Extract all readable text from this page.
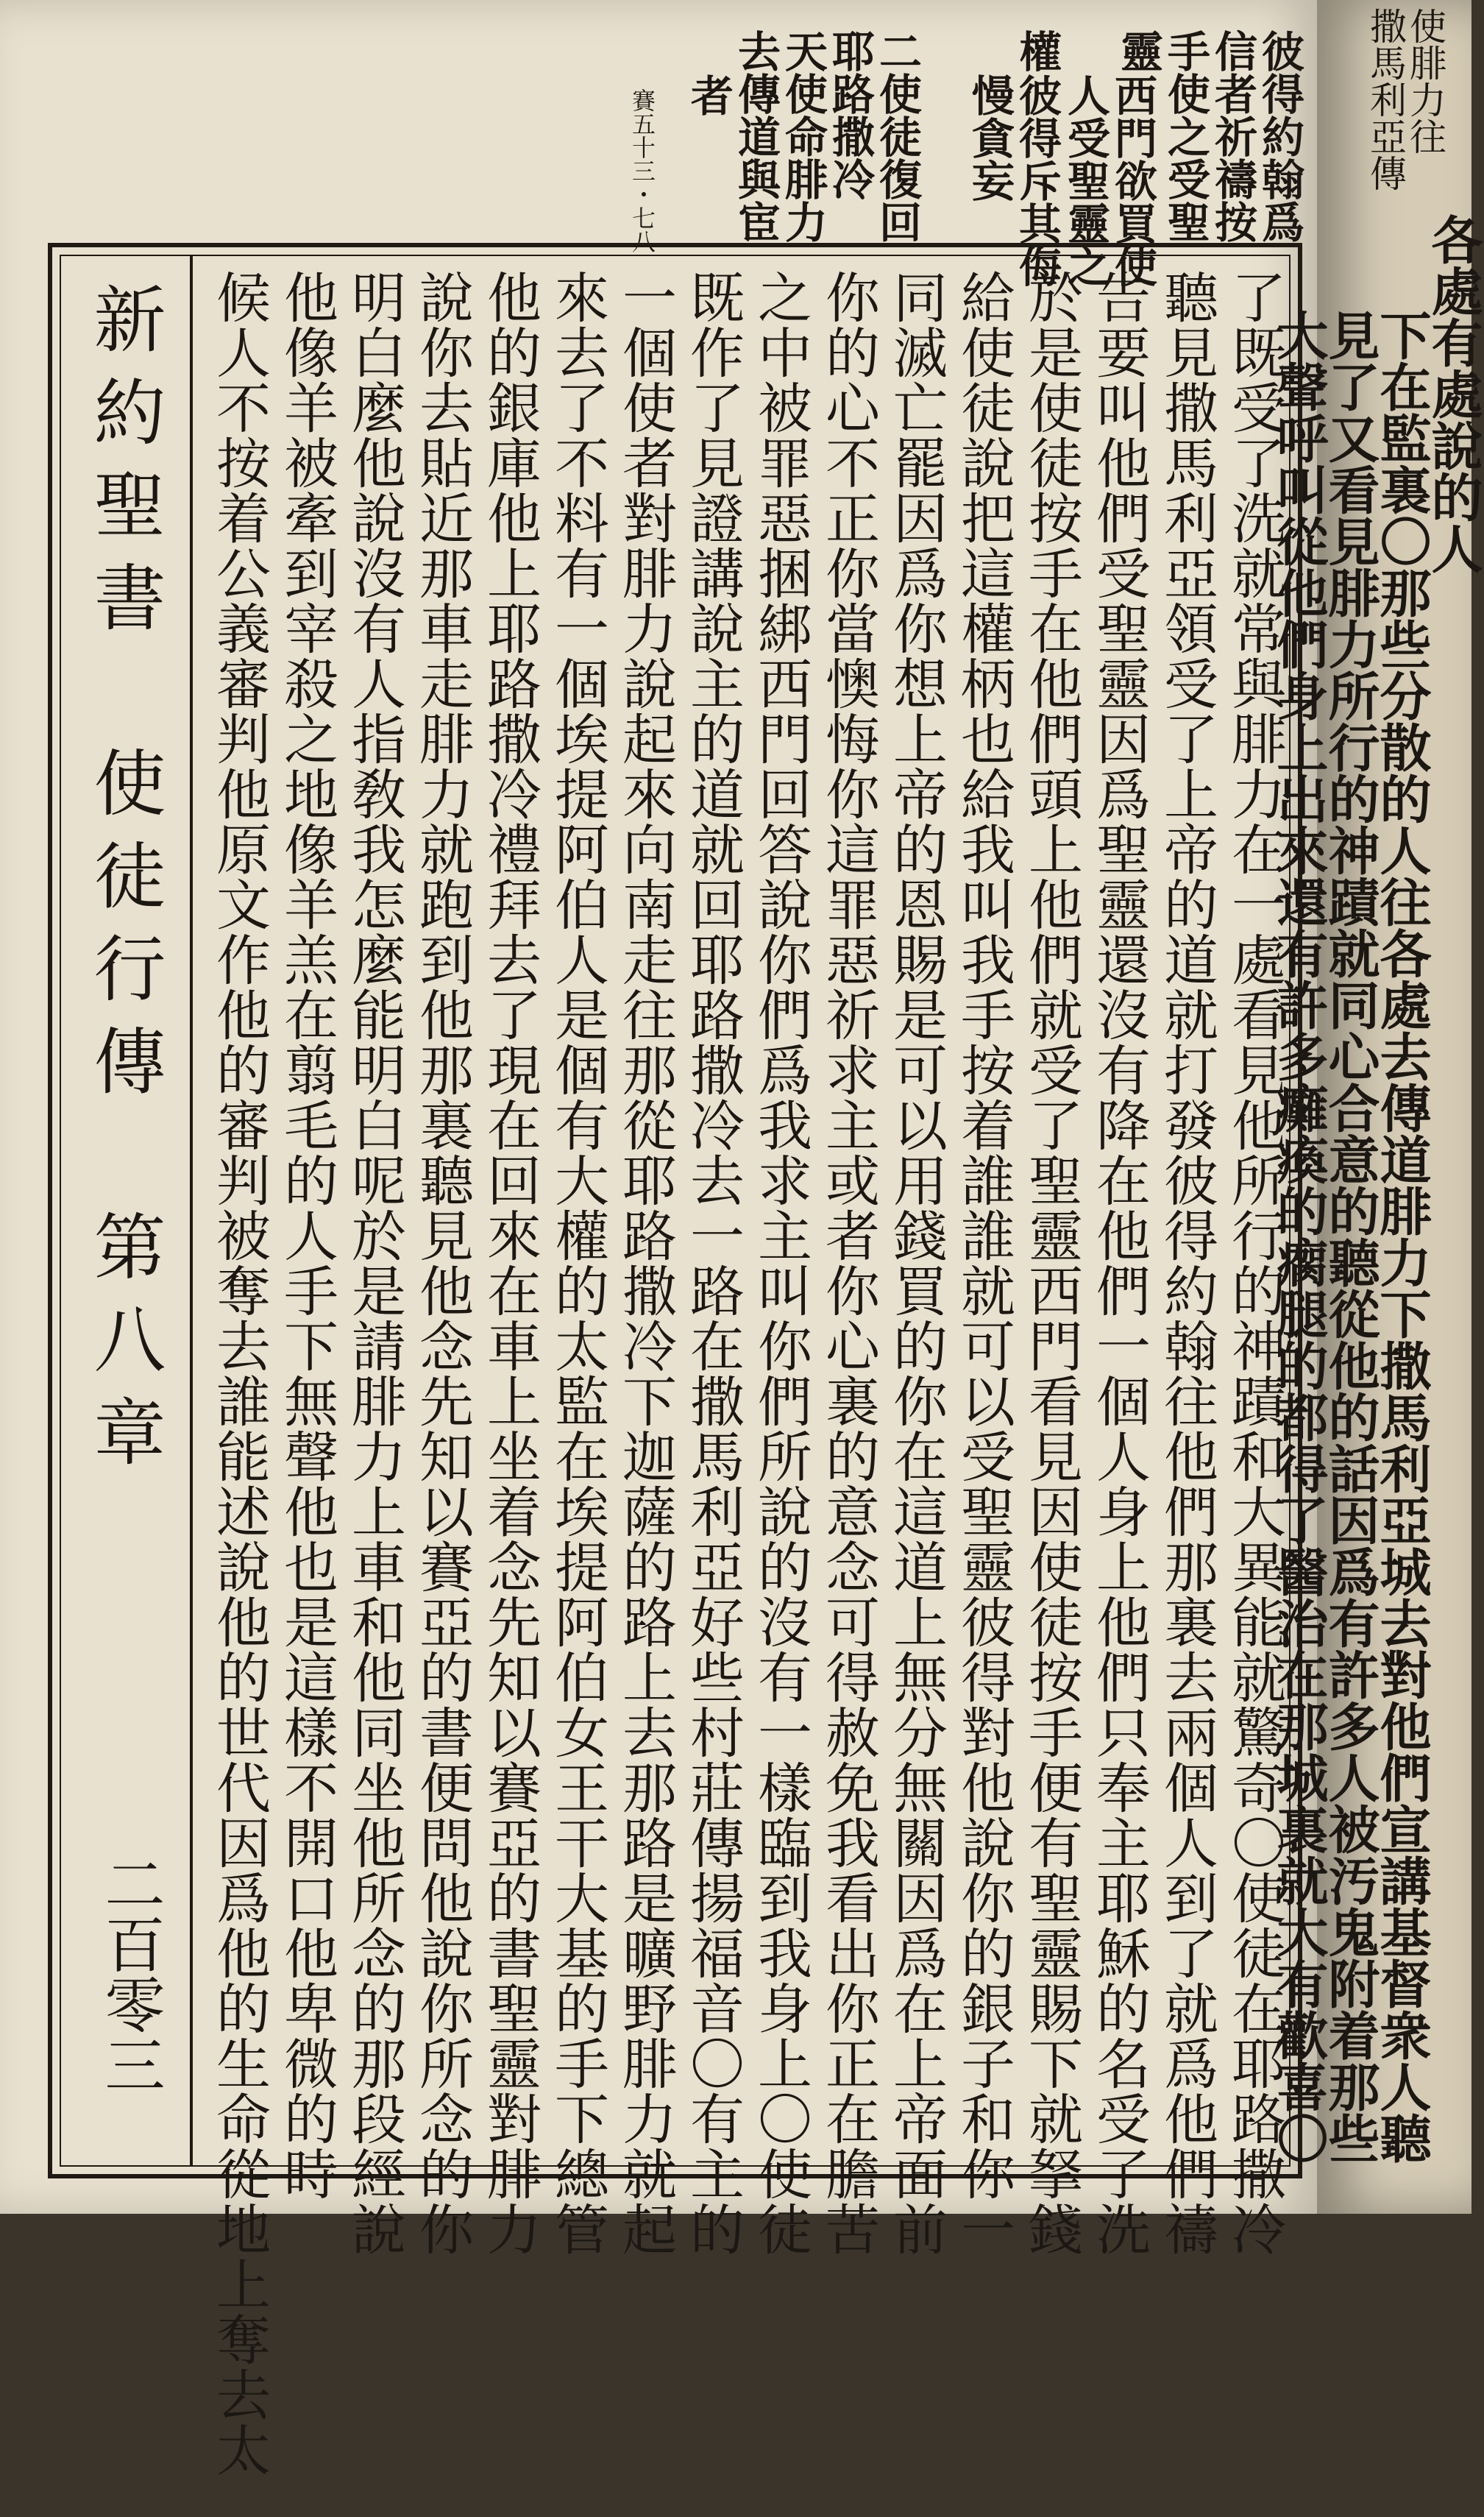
彼得約翰爲
信者祈禱按
手使之受聖
靈
西門欲買使
人受聖靈之
權
彼得斥其侮
慢貪妄
二使徒復回
耶路撒冷
天使命腓力
去傳道與宦
者
賽五十三・七八
新約聖書　使徒行傳　第八章
二百零三	了既受了洗就常與腓力在一處看見他所行的神蹟和大異能就驚奇〇使徒在耶路撒冷
聽見撒馬利亞領受了上帝的道就打發彼得約翰往他們那裏去兩個人到了就爲他們禱
告要叫他們受聖靈因爲聖靈還沒有降在他們一個人身上他們只奉主耶穌的名受了洗
於是使徒按手在他們頭上他們就受了聖靈西門看見因使徒按手便有聖靈賜下就拏錢
給使徒說把這權柄也給我叫我手按着誰誰就可以受聖靈彼得對他說你的銀子和你一
同滅亡罷因爲你想上帝的恩賜是可以用錢買的你在這道上無分無關因爲在上帝面前
你的心不正你當懊悔你這罪惡祈求主或者你心裏的意念可得赦免我看出你正在膽苦
之中被罪惡捆綁西門回答說你們爲我求主叫你們所說的沒有一樣臨到我身上〇使徒
既作了見證講說主的道就回耶路撒冷去一路在撒馬利亞好些村莊傳揚福音〇有主的
一個使者對腓力說起來向南走往那從耶路撒冷下迦薩的路上去那路是曠野腓力就起
來去了不料有一個埃提阿伯人是個有大權的太監在埃提阿伯女王干大基的手下總管
他的銀庫他上耶路撒冷禮拜去了現在回來在車上坐着念先知以賽亞的書聖靈對腓力
說你去貼近那車走腓力就跑到他那裏聽見他念先知以賽亞的書便問他說你所念的你
明白麼他說沒有人指敎我怎麼能明白呢於是請腓力上車和他同坐他所念的那段經說
他像羊被牽到宰殺之地像羊羔在翦毛的人手下無聲他也是這樣不開口他卑微的時
候人不按着公義審判他原文作他的審判被奪去誰能述說他的世代因爲他的生命從地上奪去太
使腓力往
撒馬利亞傳
各處有處說的人
下在監裏〇那些分散的人往各處去傳道腓力下撒馬利亞城去對他們宣講基督衆人聽
見了又看見腓力所行的神蹟就同心合意的聽從他的話因爲有許多人被汚鬼附着那些
大聲呼叫從他們身上出來還有許多癱瘓的瘸腿的都得了醫治在那城裏就大有歡喜〇
